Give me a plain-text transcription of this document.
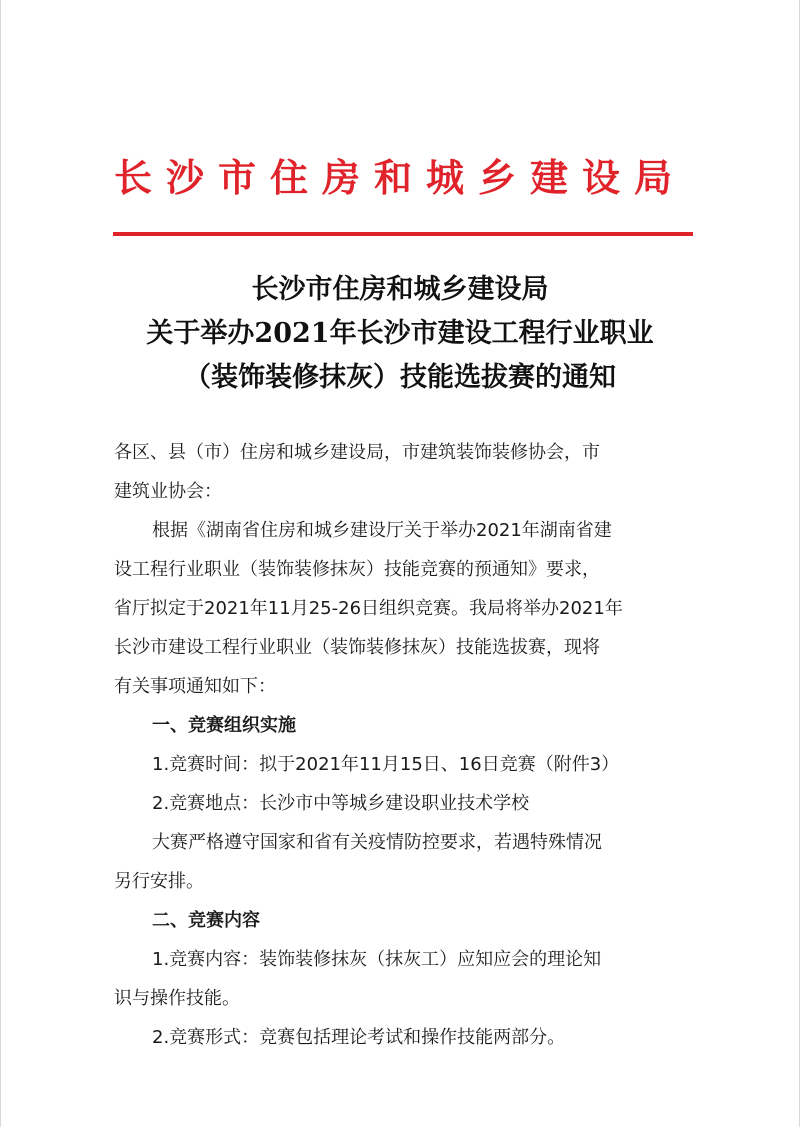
长沙市住房和城乡建设局
长沙市住房和城乡建设局
关于举办2021年长沙市建设工程行业职业
（装饰装修抹灰）技能选拔赛的通知
各区、县（市）住房和城乡建设局，市建筑装饰装修协会，市
建筑业协会：
根据《湖南省住房和城乡建设厅关于举办2021年湖南省建
设工程行业职业（装饰装修抹灰）技能竞赛的预通知》要求，
省厅拟定于2021年11月25-26日组织竞赛。我局将举办2021年
长沙市建设工程行业职业（装饰装修抹灰）技能选拔赛，现将
有关事项通知如下：
一、竞赛组织实施
1.竞赛时间：拟于2021年11月15日、16日竞赛（附件3）
2.竞赛地点：长沙市中等城乡建设职业技术学校
大赛严格遵守国家和省有关疫情防控要求，若遇特殊情况
另行安排。
二、竞赛内容
1.竞赛内容：装饰装修抹灰（抹灰工）应知应会的理论知
识与操作技能。
2.竞赛形式：竞赛包括理论考试和操作技能两部分。
